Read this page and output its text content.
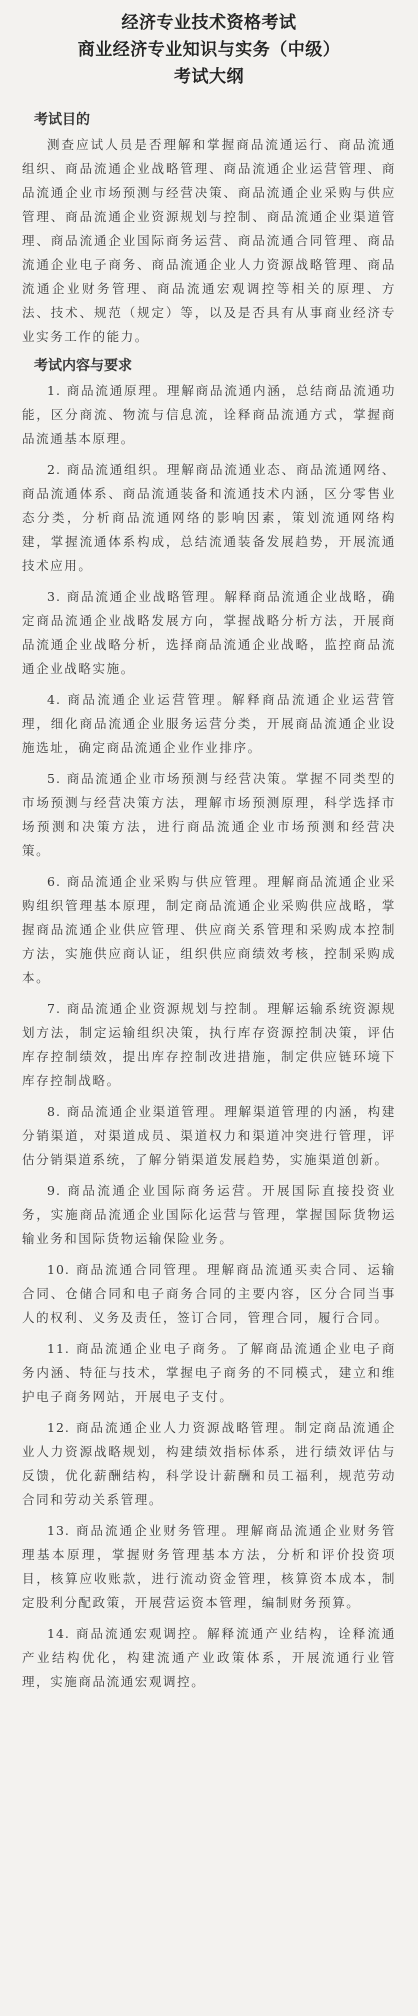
经济专业技术资格考试
商业经济专业知识与实务（中级）
考试大纲
考试目的

测查应试人员是否理解和掌握商品流通运行、商品流通组织、商品流通企业战略管理、商品流通企业运营管理、商品流通企业市场预测与经营决策、商品流通企业采购与供应管理、商品流通企业资源规划与控制、商品流通企业渠道管理、商品流通企业国际商务运营、商品流通合同管理、商品流通企业电子商务、商品流通企业人力资源战略管理、商品流通企业财务管理、商品流通宏观调控等相关的原理、方法、技术、规范（规定）等，以及是否具有从事商业经济专业实务工作的能力。

考试内容与要求

1. 商品流通原理。理解商品流通内涵，总结商品流通功能，区分商流、物流与信息流，诠释商品流通方式，掌握商品流通基本原理。

2. 商品流通组织。理解商品流通业态、商品流通网络、商品流通体系、商品流通装备和流通技术内涵，区分零售业态分类，分析商品流通网络的影响因素，策划流通网络构建，掌握流通体系构成，总结流通装备发展趋势，开展流通技术应用。

3. 商品流通企业战略管理。解释商品流通企业战略，确定商品流通企业战略发展方向，掌握战略分析方法，开展商品流通企业战略分析，选择商品流通企业战略，监控商品流通企业战略实施。

4. 商品流通企业运营管理。解释商品流通企业运营管理，细化商品流通企业服务运营分类，开展商品流通企业设施选址，确定商品流通企业作业排序。

5. 商品流通企业市场预测与经营决策。掌握不同类型的市场预测与经营决策方法，理解市场预测原理，科学选择市场预测和决策方法，进行商品流通企业市场预测和经营决策。

6. 商品流通企业采购与供应管理。理解商品流通企业采购组织管理基本原理，制定商品流通企业采购供应战略，掌握商品流通企业供应管理、供应商关系管理和采购成本控制方法，实施供应商认证，组织供应商绩效考核，控制采购成本。

7. 商品流通企业资源规划与控制。理解运输系统资源规划方法，制定运输组织决策，执行库存资源控制决策，评估库存控制绩效，提出库存控制改进措施，制定供应链环境下库存控制战略。

8. 商品流通企业渠道管理。理解渠道管理的内涵，构建分销渠道，对渠道成员、渠道权力和渠道冲突进行管理，评估分销渠道系统，了解分销渠道发展趋势，实施渠道创新。

9. 商品流通企业国际商务运营。开展国际直接投资业务，实施商品流通企业国际化运营与管理，掌握国际货物运输业务和国际货物运输保险业务。

10. 商品流通合同管理。理解商品流通买卖合同、运输合同、仓储合同和电子商务合同的主要内容，区分合同当事人的权利、义务及责任，签订合同，管理合同，履行合同。

11. 商品流通企业电子商务。了解商品流通企业电子商务内涵、特征与技术，掌握电子商务的不同模式，建立和维护电子商务网站，开展电子支付。

12. 商品流通企业人力资源战略管理。制定商品流通企业人力资源战略规划，构建绩效指标体系，进行绩效评估与反馈，优化薪酬结构，科学设计薪酬和员工福利，规范劳动合同和劳动关系管理。

13. 商品流通企业财务管理。理解商品流通企业财务管理基本原理，掌握财务管理基本方法，分析和评价投资项目，核算应收账款，进行流动资金管理，核算资本成本，制定股利分配政策，开展营运资本管理，编制财务预算。

14. 商品流通宏观调控。解释流通产业结构，诠释流通产业结构优化，构建流通产业政策体系，开展流通行业管理，实施商品流通宏观调控。
